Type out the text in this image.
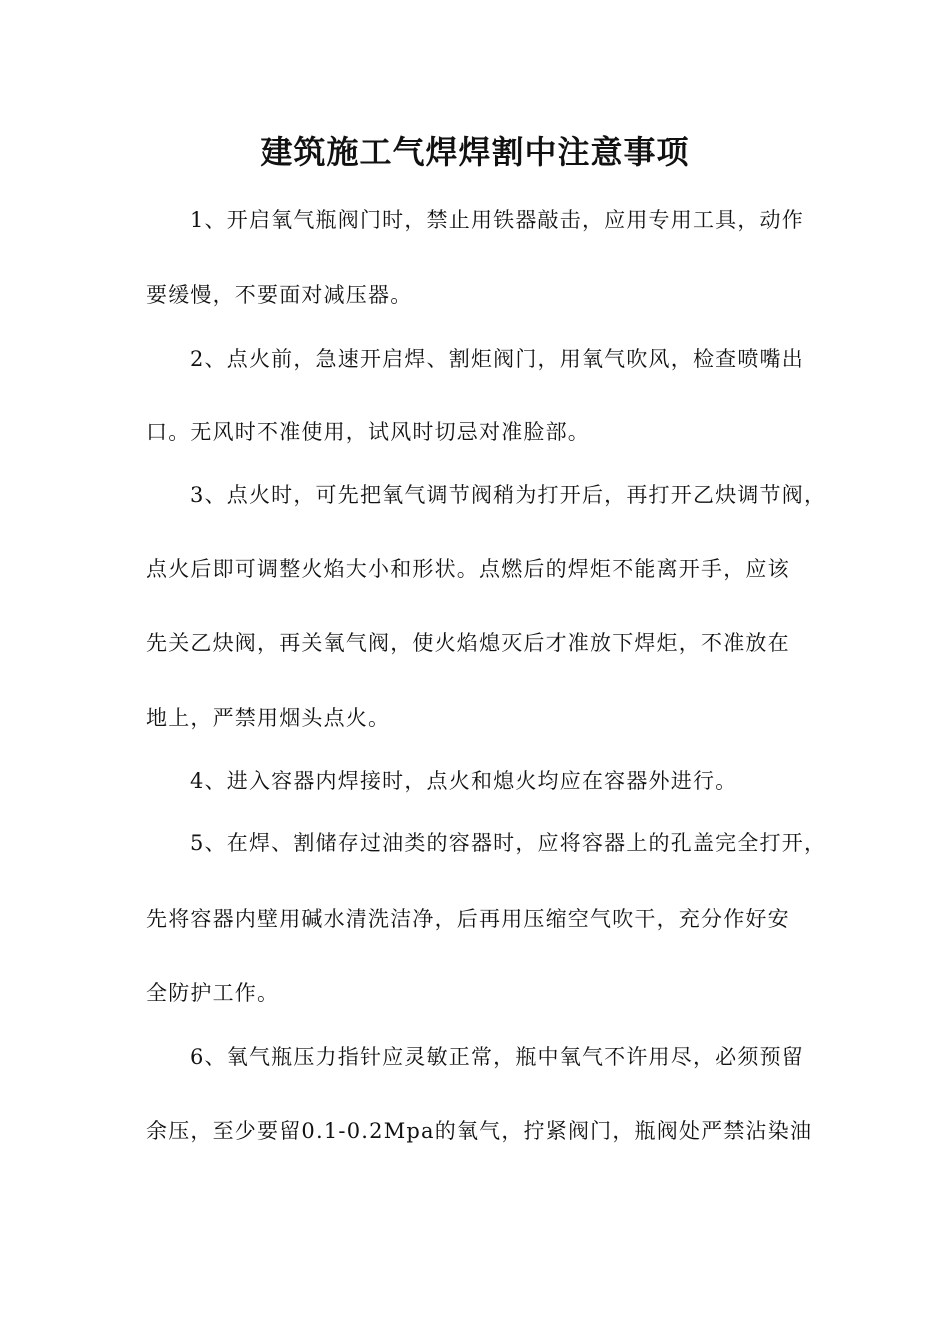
建筑施工气焊焊割中注意事项
1、开启氧气瓶阀门时，禁止用铁器敲击，应用专用工具，动作
要缓慢，不要面对减压器。
2、点火前，急速开启焊、割炬阀门，用氧气吹风，检查喷嘴出
口。无风时不准使用，试风时切忌对准脸部。
3、点火时，可先把氧气调节阀稍为打开后，再打开乙炔调节阀，
点火后即可调整火焰大小和形状。点燃后的焊炬不能离开手，应该
先关乙炔阀，再关氧气阀，使火焰熄灭后才准放下焊炬，不准放在
地上，严禁用烟头点火。
4、进入容器内焊接时，点火和熄火均应在容器外进行。
5、在焊、割储存过油类的容器时，应将容器上的孔盖完全打开，
先将容器内壁用碱水清洗洁净，后再用压缩空气吹干，充分作好安
全防护工作。
6、氧气瓶压力指针应灵敏正常，瓶中氧气不许用尽，必须预留
余压，至少要留0.1-0.2Mpa的氧气，拧紧阀门，瓶阀处严禁沾染油
